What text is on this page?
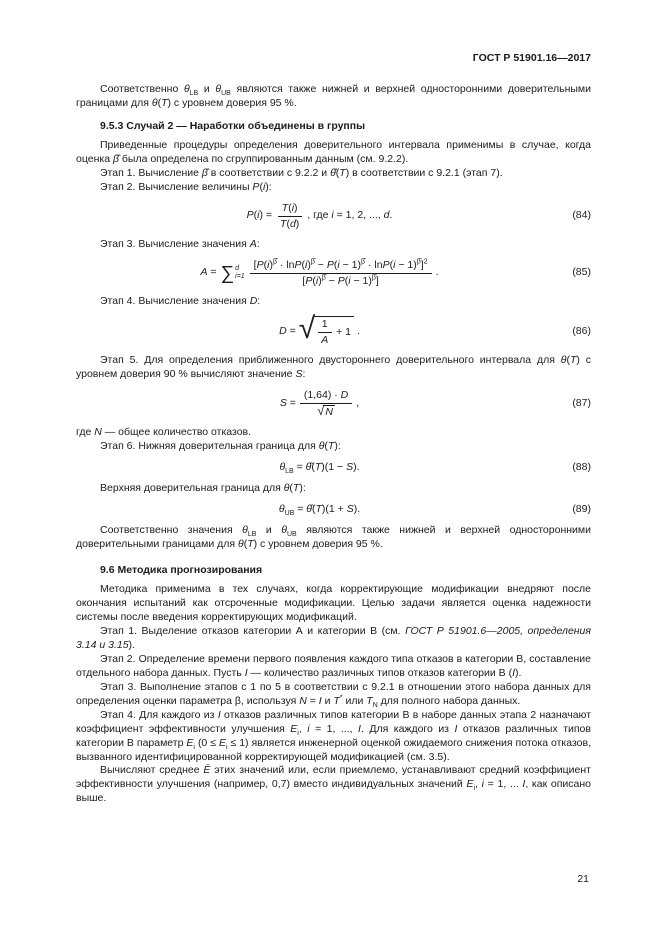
ГОСТ Р 51901.16—2017

Соответственно $\theta_{LB}$ и $\theta_{UB}$ являются также нижней и верхней односторонними доверительными границами для θ(T) с уровнем доверия 95 %.

9.5.3 Случай 2 — Наработки объединены в группы

Приведенные процедуры определения доверительного интервала применимы в случае, когда оценка β̂ была определена по сгруппированным данным (см. 9.2.2).

Этап 1. Вычисление β̂ в соответствии с 9.2.2 и θ̂(T) в соответствии с 9.2.1 (этап 7).

Этап 2. Вычисление величины P(i):

$P(i) = \frac{T(i)}{T(d)}$ , где i = 1, 2, ..., d.	(84)

Этап 3. Вычисление значения A:

A = ∑ d
$i=1 \frac{[P(i)^{\betâ} \cdot \ln P(i)^{\betâ} - P(i - 1)^{\betâ} \cdot \ln P(i - 1)^{\betâ}]^2}{[P(i)^{\betâ} - P(i - 1)^{\betâ}]}$ .	(85)

Этап 4. Вычисление значения D:

D = √ $\frac{1}{A} + 1$ .	(86)

Этап 5. Для определения приближенного двустороннего доверительного интервала для θ(T) с уровнем доверия 90 % вычисляют значение S:

$S = \frac{(1,64) \cdot D}{√ N}$ ,	(87)

где N — общее количество отказов.

Этап 6. Нижняя доверительная граница для θ(T):

$\theta_{LB}$ = θ̂(T)(1 − S).	(88)

Верхняя доверительная граница для θ(T):

$\theta_{UB}$ = θ̂(T)(1 + S).	(89)

Соответственно значения $\theta_{LB}$ и $\theta_{UB}$ являются также нижней и верхней односторонними доверительными границами для θ(T) с уровнем доверия 95 %.

9.6 Методика прогнозирования

Методика применима в тех случаях, когда корректирующие модификации внедряют после окончания испытаний как отсроченные модификации. Целью задачи является оценка надежности системы после введения корректирующих модификаций.

Этап 1. Выделение отказов категории А и категории В (см. ГОСТ Р 51901.6—2005, определения 3.14 и 3.15).

Этап 2. Определение времени первого появления каждого типа отказов в категории В, составление отдельного набора данных. Пусть I — количество различных типов отказов категории В (I).

Этап 3. Выполнение этапов с 1 по 5 в соответствии с 9.2.1 в отношении этого набора данных для определения оценки параметра β, используя N = I и T* или $T_N$ для полного набора данных.

Этап 4. Для каждого из I отказов различных типов категории В в наборе данных этапа 2 назначают коэффициент эффективности улучшения $E_i$, i = 1, ..., I. Для каждого из I отказов различных типов категории В параметр $E_i$ $(0 \le E_i \le 1)$ является инженерной оценкой ожидаемого снижения потока отказов, вызванного идентифицированной корректирующей модификацией (см. 3.5).

Вычисляют среднее Ē этих значений или, если приемлемо, устанавливают средний коэффициент эффективности улучшения (например, 0,7) вместо индивидуальных значений $E_i$, i = 1, ... I, как описано выше.

21
